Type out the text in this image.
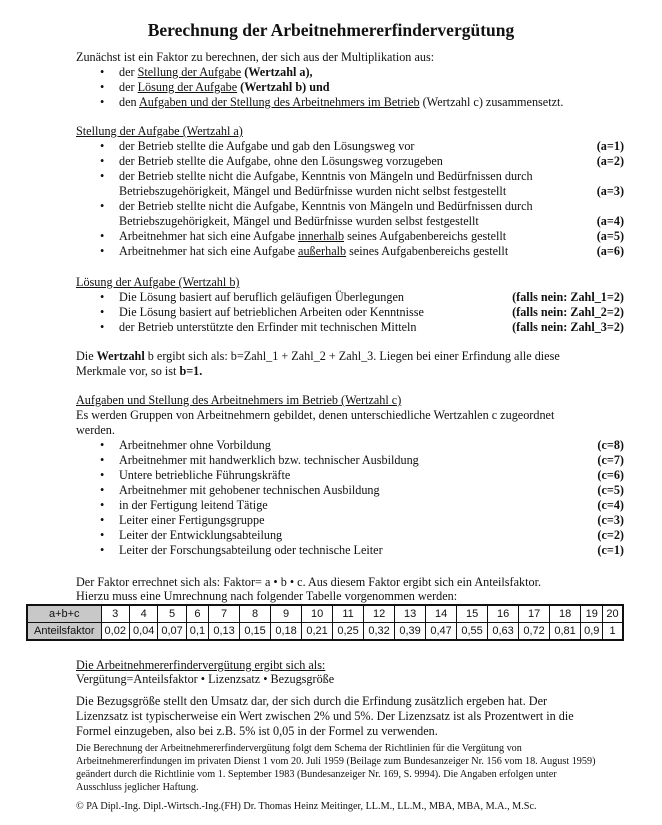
Berechnung der Arbeitnehmererfindervergütung
Zunächst ist ein Faktor zu berechnen, der sich aus der Multiplikation aus:
• der Stellung der Aufgabe (Wertzahl a),
• der Lösung der Aufgabe (Wertzahl b) und
• den Aufgaben und der Stellung des Arbeitnehmers im Betrieb (Wertzahl c) zusammensetzt.
Stellung der Aufgabe (Wertzahl a)
• der Betrieb stellte die Aufgabe und gab den Lösungsweg vor	(a=1)
• der Betrieb stellte die Aufgabe, ohne den Lösungsweg vorzugeben	(a=2)
• der Betrieb stellte nicht die Aufgabe, Kenntnis von Mängeln und Bedürfnissen durch Betriebszugehörigkeit, Mängel und Bedürfnisse wurden nicht selbst festgestellt	(a=3)
• der Betrieb stellte nicht die Aufgabe, Kenntnis von Mängeln und Bedürfnissen durch Betriebszugehörigkeit, Mängel und Bedürfnisse wurden selbst festgestellt	(a=4)
• Arbeitnehmer hat sich eine Aufgabe innerhalb seines Aufgabenbereichs gestellt	(a=5)
• Arbeitnehmer hat sich eine Aufgabe außerhalb seines Aufgabenbereichs gestellt	(a=6)
Lösung der Aufgabe (Wertzahl b)
• Die Lösung basiert auf beruflich geläufigen Überlegungen	(falls nein: Zahl_1=2)
• Die Lösung basiert auf betrieblichen Arbeiten oder Kenntnisse	(falls nein: Zahl_2=2)
• der Betrieb unterstützte den Erfinder mit technischen Mitteln	(falls nein: Zahl_3=2)
Die Wertzahl b ergibt sich als: b=Zahl_1 + Zahl_2 + Zahl_3. Liegen bei einer Erfindung alle diese Merkmale vor, so ist b=1.
Aufgaben und Stellung des Arbeitnehmers im Betrieb (Wertzahl c)
Es werden Gruppen von Arbeitnehmern gebildet, denen unterschiedliche Wertzahlen c zugeordnet werden.
• Arbeitnehmer ohne Vorbildung	(c=8)
• Arbeitnehmer mit handwerklich bzw. technischer Ausbildung	(c=7)
• Untere betriebliche Führungskräfte	(c=6)
• Arbeitnehmer mit gehobener technischen Ausbildung	(c=5)
• in der Fertigung leitend Tätige	(c=4)
• Leiter einer Fertigungsgruppe	(c=3)
• Leiter der Entwicklungsabteilung	(c=2)
• Leiter der Forschungsabteilung oder technische Leiter	(c=1)
Der Faktor errechnet sich als: Faktor= a • b • c. Aus diesem Faktor ergibt sich ein Anteilsfaktor.
Hierzu muss eine Umrechnung nach folgender Tabelle vorgenommen werden:
a+b+c	3	4	5	6	7	8	9	10	11	12	13	14	15	16	17	18	19	20
Anteilsfaktor	0,02	0,04	0,07	0,1	0,13	0,15	0,18	0,21	0,25	0,32	0,39	0,47	0,55	0,63	0,72	0,81	0,9	1
Die Arbeitnehmererfindervergütung ergibt sich als:
Vergütung=Anteilsfaktor • Lizenzsatz • Bezugsgröße
Die Bezugsgröße stellt den Umsatz dar, der sich durch die Erfindung zusätzlich ergeben hat. Der Lizenzsatz ist typischerweise ein Wert zwischen 2% und 5%. Der Lizenzsatz ist als Prozentwert in die Formel einzugeben, also bei z.B. 5% ist 0,05 in der Formel zu verwenden.
Die Berechnung der Arbeitnehmererfindervergütung folgt dem Schema der Richtlinien für die Vergütung von Arbeitnehmererfindungen im privaten Dienst 1 vom 20. Juli 1959 (Beilage zum Bundesanzeiger Nr. 156 vom 18. August 1959) geändert durch die Richtlinie vom 1. September 1983 (Bundesanzeiger Nr. 169, S. 9994). Die Angaben erfolgen unter Ausschluss jeglicher Haftung.
© PA Dipl.-Ing. Dipl.-Wirtsch.-Ing.(FH) Dr. Thomas Heinz Meitinger, LL.M., LL.M., MBA, MBA, M.A., M.Sc.
